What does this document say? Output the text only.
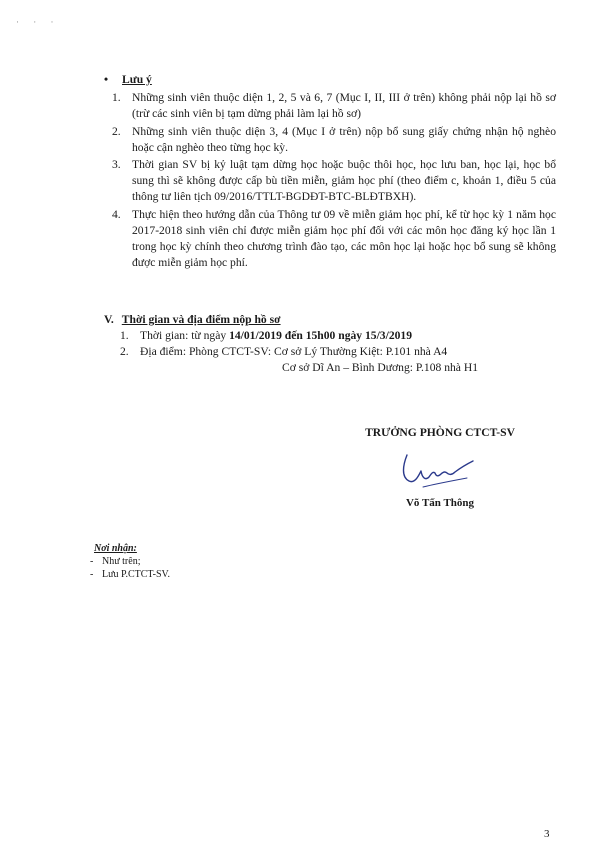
· · ·
• Lưu ý
1. Những sinh viên thuộc diện 1, 2, 5 và 6, 7 (Mục I, II, III ở trên) không phải nộp lại hồ sơ (trừ các sinh viên bị tạm dừng phải làm lại hồ sơ)
2. Những sinh viên thuộc diện 3, 4 (Mục I ở trên) nộp bổ sung giấy chứng nhận hộ nghèo hoặc cận nghèo theo từng học kỳ.
3. Thời gian SV bị kỷ luật tạm dừng học hoặc buộc thôi học, học lưu ban, học lại, học bổ sung thì sẽ không được cấp bù tiền miễn, giảm học phí (theo điểm c, khoản 1, điều 5 của thông tư liên tịch 09/2016/TTLT-BGDĐT-BTC-BLĐTBXH).
4. Thực hiện theo hướng dẫn của Thông tư 09 về miễn giảm học phí, kể từ học kỳ 1 năm học 2017-2018 sinh viên chỉ được miễn giảm học phí đối với các môn học đăng ký học lần 1 trong học kỳ chính theo chương trình đào tạo, các môn học lại hoặc học bổ sung sẽ không được miễn giảm học phí.
V. Thời gian và địa điểm nộp hồ sơ
1. Thời gian: từ ngày 14/01/2019 đến 15h00 ngày 15/3/2019
2. Địa điểm: Phòng CTCT-SV: Cơ sở Lý Thường Kiệt: P.101 nhà A4
Cơ sở Dĩ An – Bình Dương: P.108 nhà H1
TRƯỞNG PHÒNG CTCT-SV
Võ Tấn Thông
Nơi nhận:
- Như trên;
- Lưu P.CTCT-SV.
3
